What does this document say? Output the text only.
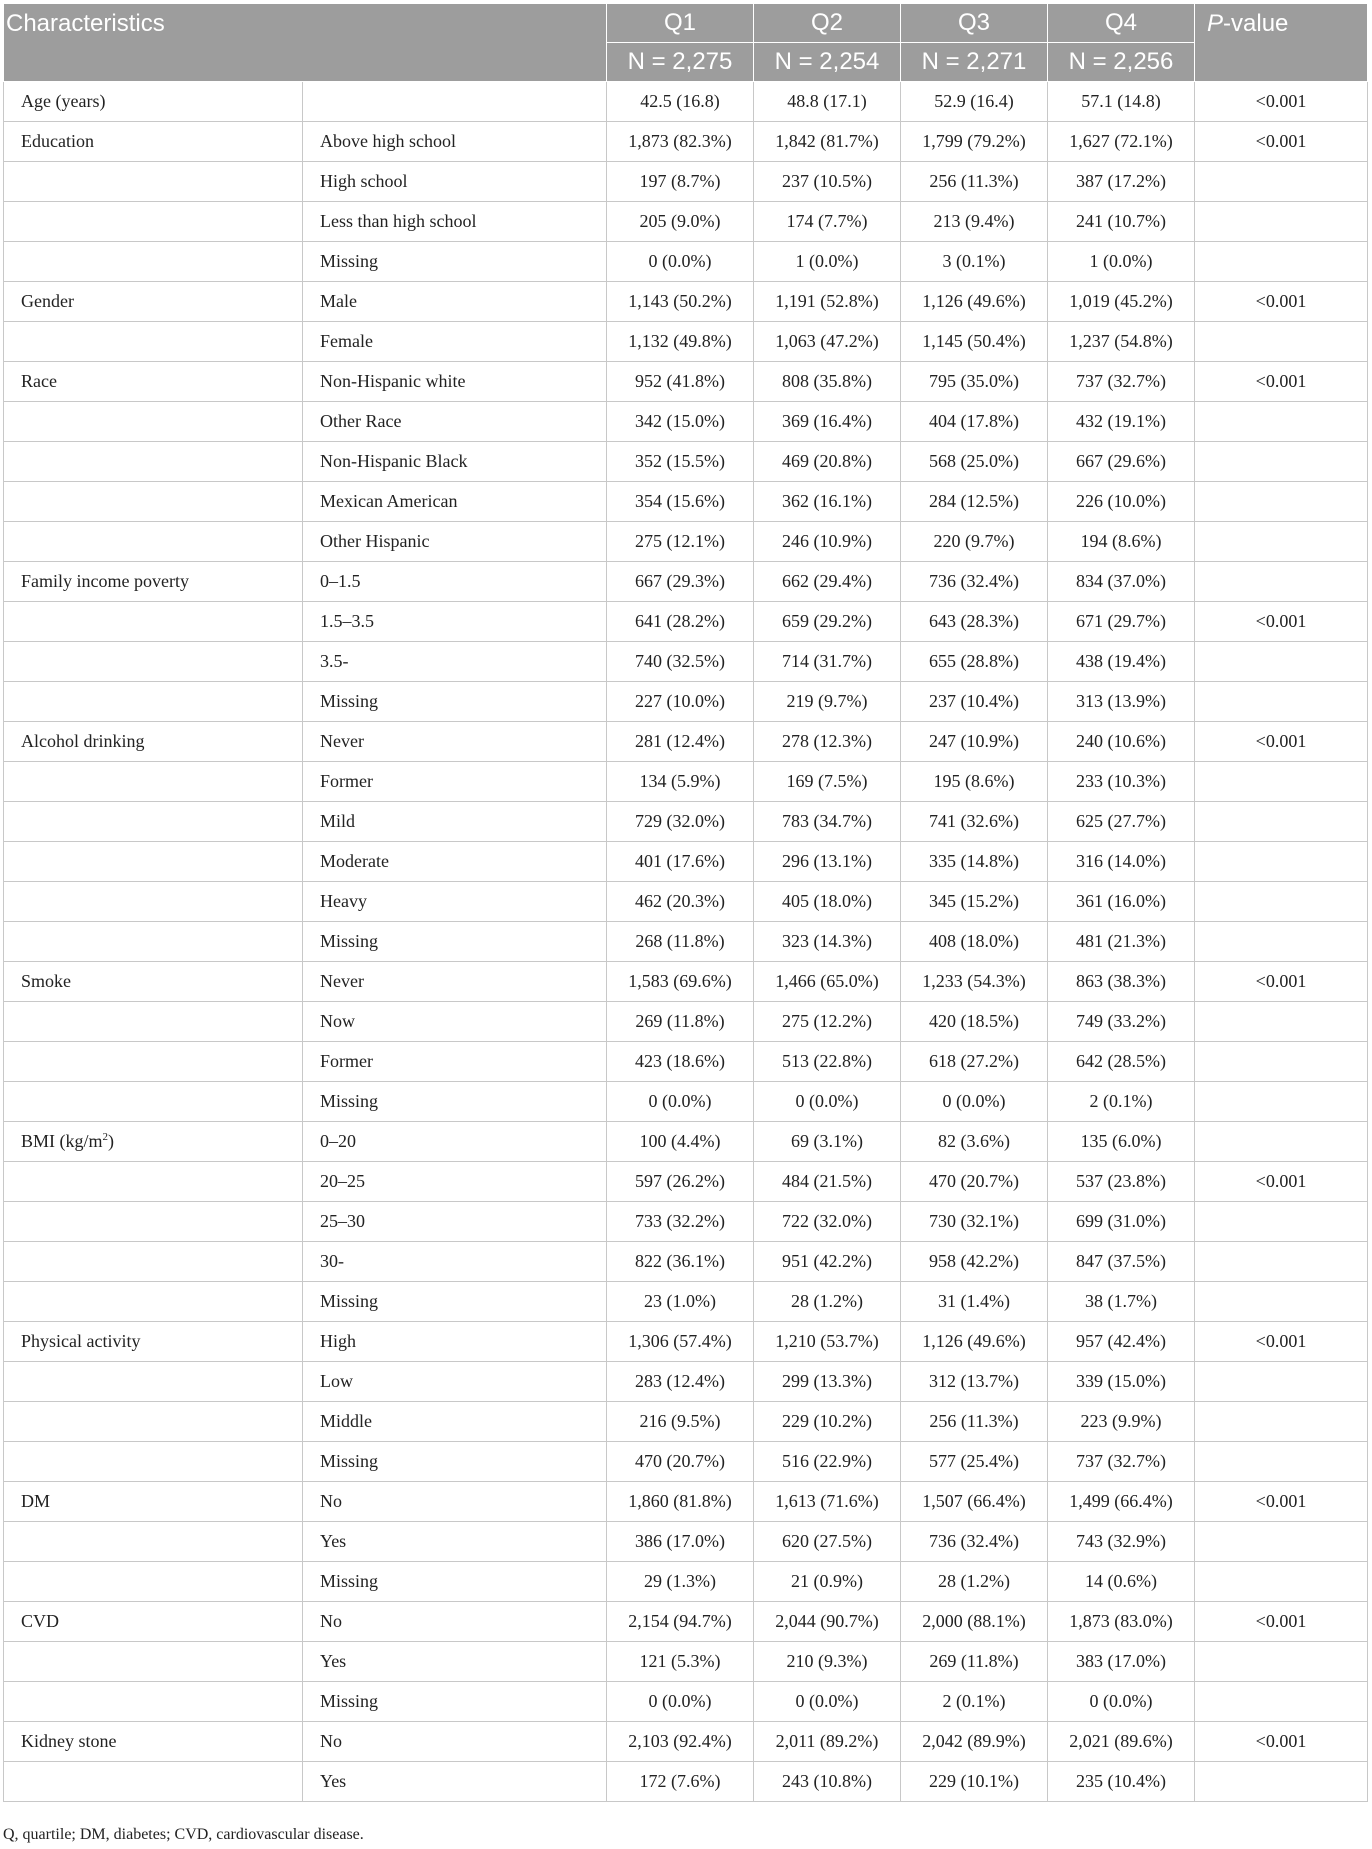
Characteristics		Q1	Q2	Q3	Q4	P-value
		N = 2,275	N = 2,254	N = 2,271	N = 2,256	
Age (years)		42.5 (16.8)	48.8 (17.1)	52.9 (16.4)	57.1 (14.8)	<0.001
Education	Above high school	1,873 (82.3%)	1,842 (81.7%)	1,799 (79.2%)	1,627 (72.1%)	<0.001
	High school	197 (8.7%)	237 (10.5%)	256 (11.3%)	387 (17.2%)	
	Less than high school	205 (9.0%)	174 (7.7%)	213 (9.4%)	241 (10.7%)	
	Missing	0 (0.0%)	1 (0.0%)	3 (0.1%)	1 (0.0%)	
Gender	Male	1,143 (50.2%)	1,191 (52.8%)	1,126 (49.6%)	1,019 (45.2%)	<0.001
	Female	1,132 (49.8%)	1,063 (47.2%)	1,145 (50.4%)	1,237 (54.8%)	
Race	Non-Hispanic white	952 (41.8%)	808 (35.8%)	795 (35.0%)	737 (32.7%)	<0.001
	Other Race	342 (15.0%)	369 (16.4%)	404 (17.8%)	432 (19.1%)	
	Non-Hispanic Black	352 (15.5%)	469 (20.8%)	568 (25.0%)	667 (29.6%)	
	Mexican American	354 (15.6%)	362 (16.1%)	284 (12.5%)	226 (10.0%)	
	Other Hispanic	275 (12.1%)	246 (10.9%)	220 (9.7%)	194 (8.6%)	
Family income poverty	0–1.5	667 (29.3%)	662 (29.4%)	736 (32.4%)	834 (37.0%)	
	1.5–3.5	641 (28.2%)	659 (29.2%)	643 (28.3%)	671 (29.7%)	<0.001
	3.5-	740 (32.5%)	714 (31.7%)	655 (28.8%)	438 (19.4%)	
	Missing	227 (10.0%)	219 (9.7%)	237 (10.4%)	313 (13.9%)	
Alcohol drinking	Never	281 (12.4%)	278 (12.3%)	247 (10.9%)	240 (10.6%)	<0.001
	Former	134 (5.9%)	169 (7.5%)	195 (8.6%)	233 (10.3%)	
	Mild	729 (32.0%)	783 (34.7%)	741 (32.6%)	625 (27.7%)	
	Moderate	401 (17.6%)	296 (13.1%)	335 (14.8%)	316 (14.0%)	
	Heavy	462 (20.3%)	405 (18.0%)	345 (15.2%)	361 (16.0%)	
	Missing	268 (11.8%)	323 (14.3%)	408 (18.0%)	481 (21.3%)	
Smoke	Never	1,583 (69.6%)	1,466 (65.0%)	1,233 (54.3%)	863 (38.3%)	<0.001
	Now	269 (11.8%)	275 (12.2%)	420 (18.5%)	749 (33.2%)	
	Former	423 (18.6%)	513 (22.8%)	618 (27.2%)	642 (28.5%)	
	Missing	0 (0.0%)	0 (0.0%)	0 (0.0%)	2 (0.1%)	
BMI $(kg/m^2)$	0–20	100 (4.4%)	69 (3.1%)	82 (3.6%)	135 (6.0%)	
	20–25	597 (26.2%)	484 (21.5%)	470 (20.7%)	537 (23.8%)	<0.001
	25–30	733 (32.2%)	722 (32.0%)	730 (32.1%)	699 (31.0%)	
	30-	822 (36.1%)	951 (42.2%)	958 (42.2%)	847 (37.5%)	
	Missing	23 (1.0%)	28 (1.2%)	31 (1.4%)	38 (1.7%)	
Physical activity	High	1,306 (57.4%)	1,210 (53.7%)	1,126 (49.6%)	957 (42.4%)	<0.001
	Low	283 (12.4%)	299 (13.3%)	312 (13.7%)	339 (15.0%)	
	Middle	216 (9.5%)	229 (10.2%)	256 (11.3%)	223 (9.9%)	
	Missing	470 (20.7%)	516 (22.9%)	577 (25.4%)	737 (32.7%)	
DM	No	1,860 (81.8%)	1,613 (71.6%)	1,507 (66.4%)	1,499 (66.4%)	<0.001
	Yes	386 (17.0%)	620 (27.5%)	736 (32.4%)	743 (32.9%)	
	Missing	29 (1.3%)	21 (0.9%)	28 (1.2%)	14 (0.6%)	
CVD	No	2,154 (94.7%)	2,044 (90.7%)	2,000 (88.1%)	1,873 (83.0%)	<0.001
	Yes	121 (5.3%)	210 (9.3%)	269 (11.8%)	383 (17.0%)	
	Missing	0 (0.0%)	0 (0.0%)	2 (0.1%)	0 (0.0%)	
Kidney stone	No	2,103 (92.4%)	2,011 (89.2%)	2,042 (89.9%)	2,021 (89.6%)	<0.001
	Yes	172 (7.6%)	243 (10.8%)	229 (10.1%)	235 (10.4%)	
Q, quartile; DM, diabetes; CVD, cardiovascular disease.
